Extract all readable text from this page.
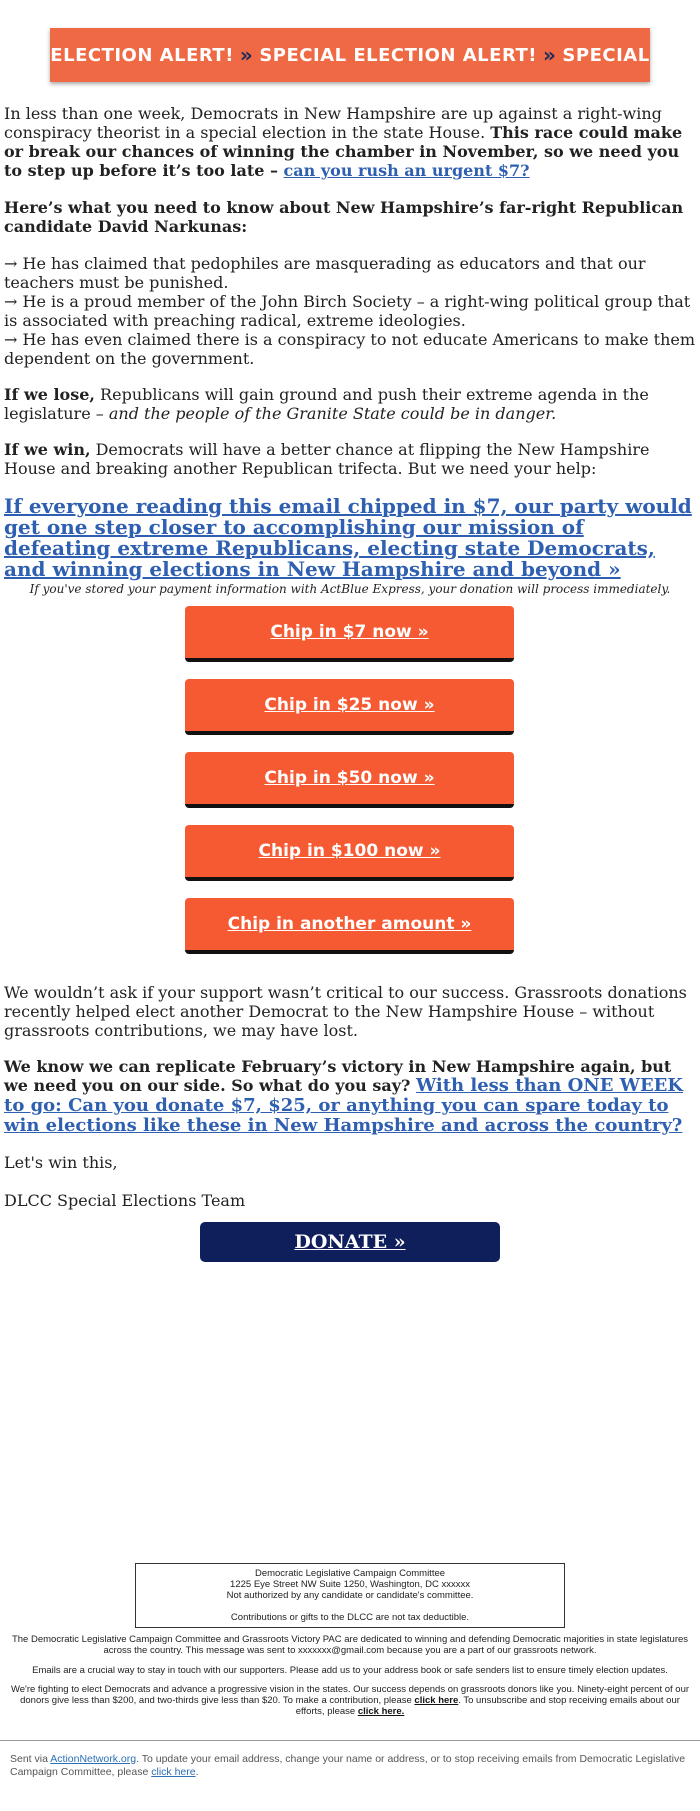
ELECTION ALERT! » SPECIAL ELECTION ALERT! » SPECIAL

In less than one week, Democrats in New Hampshire are up against a right-wing conspiracy theorist in a special election in the state House. This race could make or break our chances of winning the chamber in November, so we need you to step up before it’s too late – can you rush an urgent $7?

Here’s what you need to know about New Hampshire’s far-right Republican candidate David Narkunas:

→ He has claimed that pedophiles are masquerading as educators and that our teachers must be punished.

→ He is a proud member of the John Birch Society – a right-wing political group that is associated with preaching radical, extreme ideologies.

→ He has even claimed there is a conspiracy to not educate Americans to make them dependent on the government.

If we lose, Republicans will gain ground and push their extreme agenda in the legislature – and the people of the Granite State could be in danger.

If we win, Democrats will have a better chance at flipping the New Hampshire House and breaking another Republican trifecta. But we need your help:

If everyone reading this email chipped in $7, our party would get one step closer to accomplishing our mission of defeating extreme Republicans, electing state Democrats, and winning elections in New Hampshire and beyond »

If you've stored your payment information with ActBlue Express, your donation will process immediately.
Chip in $7 now »
Chip in $25 now »
Chip in $50 now »
Chip in $100 now »
Chip in another amount »

We wouldn’t ask if your support wasn’t critical to our success. Grassroots donations recently helped elect another Democrat to the New Hampshire House – without grassroots contributions, we may have lost.

We know we can replicate February’s victory in New Hampshire again, but we need you on our side. So what do you say? With less than ONE WEEK to go: Can you donate $7, $25, or anything you can spare today to win elections like these in New Hampshire and across the country?

Let's win this,

DLCC Special Elections Team

DONATE »
Democratic Legislative Campaign Committee
1225 Eye Street NW Suite 1250, Washington, DC xxxxxx
Not authorized by any candidate or candidate's committee.
Contributions or gifts to the DLCC are not tax deductible.
The Democratic Legislative Campaign Committee and Grassroots Victory PAC are dedicated to winning and defending Democratic majorities in state legislatures across the country. This message was sent to xxxxxxx@gmail.com because you are a part of our grassroots network.
Emails are a crucial way to stay in touch with our supporters. Please add us to your address book or safe senders list to ensure timely election updates.
We're fighting to elect Democrats and advance a progressive vision in the states. Our success depends on grassroots donors like you. Ninety-eight percent of our donors give less than $200, and two-thirds give less than $20. To make a contribution, please click here. To unsubscribe and stop receiving emails about our efforts, please click here.
Sent via ActionNetwork.org. To update your email address, change your name or address, or to stop receiving emails from Democratic Legislative Campaign Committee, please click here.
